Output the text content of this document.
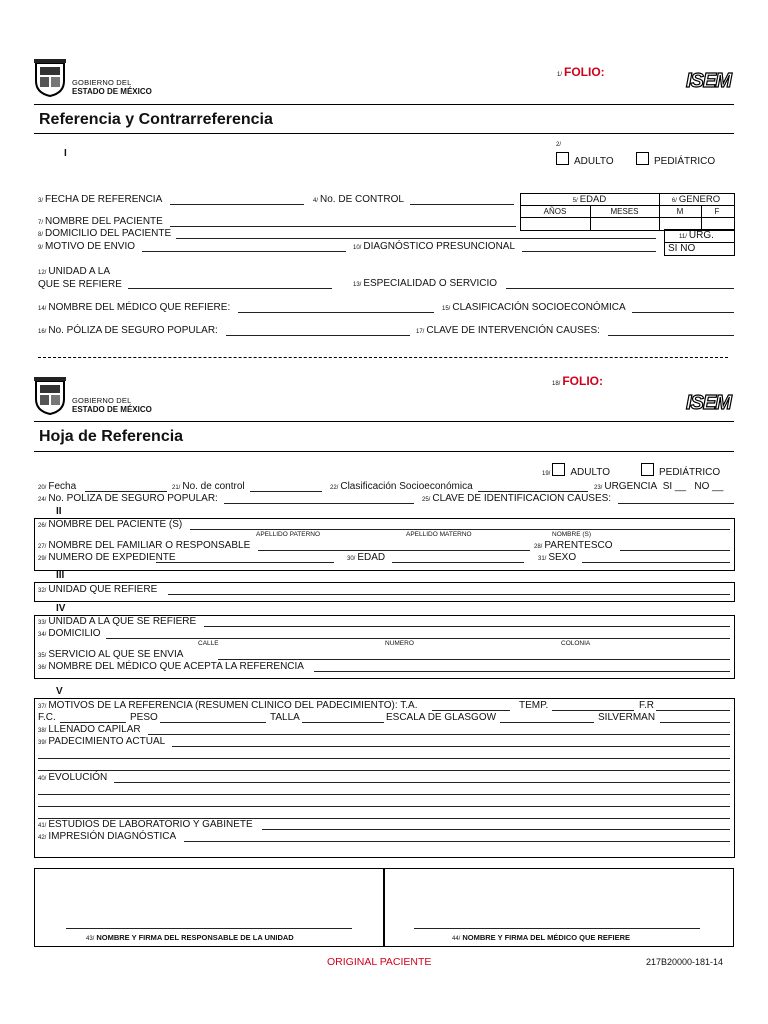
GOBIERNO DEL
ESTADO DE MÉXICO
1/ FOLIO:	ISEM
Referencia y Contrarreferencia
I
2/
ADULTO	PEDIÁTRICO
3/ FECHA DE REFERENCIA	4/ No. DE CONTROL	5/ EDAD	6/ GENERO
AÑOS	MESES	M	F
7/ NOMBRE DEL PACIENTE
8/ DOMICILIO DEL PACIENTE	11/ URG.
SI NO
9/ MOTIVO DE ENVIO	10/ DIAGNÓSTICO PRESUNCIONAL
12/ UNIDAD A LA
QUE SE REFIERE	13/ ESPECIALIDAD O SERVICIO
14/ NOMBRE DEL MÉDICO QUE REFIERE:	15/ CLASIFICACIÓN SOCIOECONÓMICA
16/ No. PÓLIZA DE SEGURO POPULAR:	17/ CLAVE DE INTERVENCIÓN CAUSES:
GOBIERNO DEL
ESTADO DE MÉXICO
18/ FOLIO:
ISEM
Hoja de Referencia
19/ ADULTO	PEDIÁTRICO
20/ Fecha	21/ No. de control	22/ Clasificación Socioeconómica	23/ URGENCIA SI __ NO __
24/ No. POLIZA DE SEGURO POPULAR:	25/ CLAVE DE IDENTIFICACION CAUSES:
II
26/ NOMBRE DEL PACIENTE (S)
APELLIDO PATERNO	APELLIDO MATERNO	NOMBRE (S)
27/ NOMBRE DEL FAMILIAR O RESPONSABLE	28/ PARENTESCO
29/ NUMERO DE EXPEDIENTE	30/ EDAD	31/ SEXO
III
32/ UNIDAD QUE REFIERE
IV
33/ UNIDAD A LA QUE SE REFIERE
34/ DOMICILIO
CALLE	NUMERO	COLONIA
35/ SERVICIO AL QUE SE ENVIA
36/ NOMBRE DEL MÉDICO QUE ACEPTA LA REFERENCIA
V
37/ MOTIVOS DE LA REFERENCIA (RESUMEN CLINICO DEL PADECIMIENTO): T.A.	TEMP.	F.R
F.C.	PESO	TALLA	ESCALA DE GLASGOW	SILVERMAN
38/ LLENADO CAPILAR
39/ PADECIMIENTO ACTUAL
40/ EVOLUCIÓN
41/ ESTUDIOS DE LABORATORIO Y GABINETE
42/ IMPRESIÓN DIAGNÓSTICA
43/ NOMBRE Y FIRMA DEL RESPONSABLE DE LA UNIDAD	44/ NOMBRE Y FIRMA DEL MÉDICO QUE REFIERE
ORIGINAL PACIENTE	217B20000-181-14
